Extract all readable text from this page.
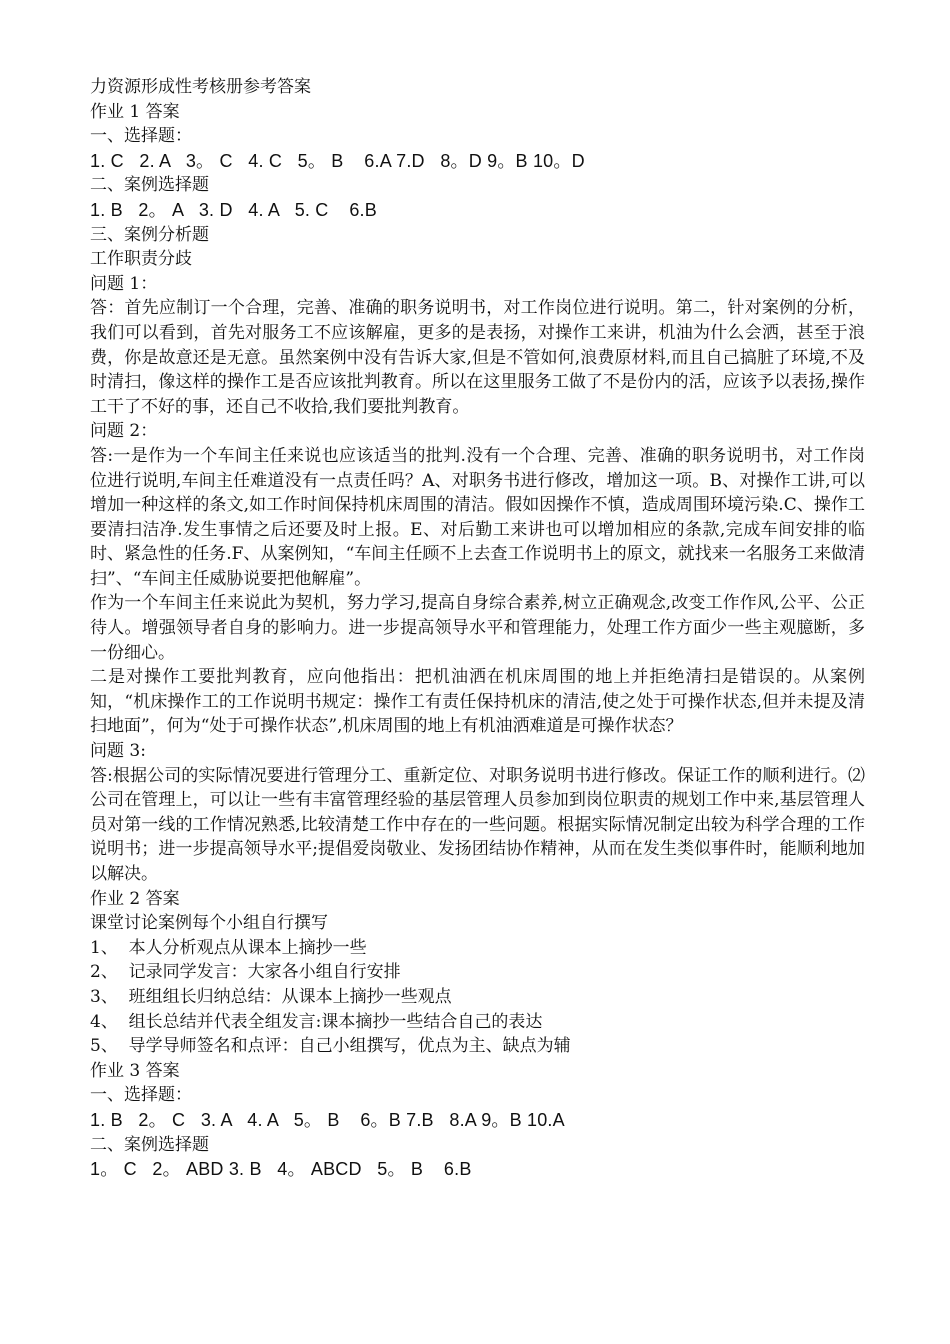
力资源形成性考核册参考答案
作业 1 答案
一、选择题：
1. C   2. A   3。 C   4. C   5。 B    6.A 7.D   8。D 9。B 10。D
二、案例选择题
1. B   2。 A   3. D   4. A   5. C    6.B
三、案例分析题
工作职责分歧
问题 1：
答：首先应制订一个合理，完善、准确的职务说明书，对工作岗位进行说明。第二，针对案例的分析，我们可以看到，首先对服务工不应该解雇，更多的是表扬，对操作工来讲，机油为什么会洒，甚至于浪费，你是故意还是无意。虽然案例中没有告诉大家,但是不管如何,浪费原材料,而且自己搞脏了环境,不及时清扫，像这样的操作工是否应该批判教育。所以在这里服务工做了不是份内的活，应该予以表扬,操作工干了不好的事，还自己不收拾,我们要批判教育。
问题 2：
答:一是作为一个车间主任来说也应该适当的批判.没有一个合理、完善、准确的职务说明书，对工作岗位进行说明,车间主任难道没有一点责任吗？A、对职务书进行修改，增加这一项。B、对操作工讲,可以增加一种这样的条文,如工作时间保持机床周围的清洁。假如因操作不慎，造成周围环境污染.C、操作工要清扫洁净.发生事情之后还要及时上报。E、对后勤工来讲也可以增加相应的条款,完成车间安排的临时、紧急性的任务.F、从案例知，“车间主任顾不上去查工作说明书上的原文，就找来一名服务工来做清扫”、“车间主任威胁说要把他解雇”。
作为一个车间主任来说此为契机，努力学习,提高自身综合素养,树立正确观念,改变工作作风,公平、公正待人。增强领导者自身的影响力。进一步提高领导水平和管理能力，处理工作方面少一些主观臆断，多一份细心。
二是对操作工要批判教育，应向他指出：把机油洒在机床周围的地上并拒绝清扫是错误的。从案例知，“机床操作工的工作说明书规定：操作工有责任保持机床的清洁,使之处于可操作状态,但并未提及清扫地面”，何为“处于可操作状态”,机床周围的地上有机油洒难道是可操作状态？
问题 3:
答:根据公司的实际情况要进行管理分工、重新定位、对职务说明书进行修改。保证工作的顺利进行。⑵公司在管理上，可以让一些有丰富管理经验的基层管理人员参加到岗位职责的规划工作中来,基层管理人员对第一线的工作情况熟悉,比较清楚工作中存在的一些问题。根据实际情况制定出较为科学合理的工作说明书；进一步提高领导水平;提倡爱岗敬业、发扬团结协作精神，从而在发生类似事件时，能顺利地加以解决。
作业 2 答案
课堂讨论案例每个小组自行撰写
1、  本人分析观点从课本上摘抄一些
2、  记录同学发言：大家各小组自行安排
3、  班组组长归纳总结：从课本上摘抄一些观点
4、  组长总结并代表全组发言:课本摘抄一些结合自己的表达
5、  导学导师签名和点评：自己小组撰写，优点为主、缺点为辅
作业 3 答案
一、选择题：
1. B   2。 C   3. A   4. A   5。 B    6。B 7.B   8.A 9。B 10.A
二、案例选择题
1。 C   2。 ABD 3. B   4。 ABCD   5。 B    6.B
